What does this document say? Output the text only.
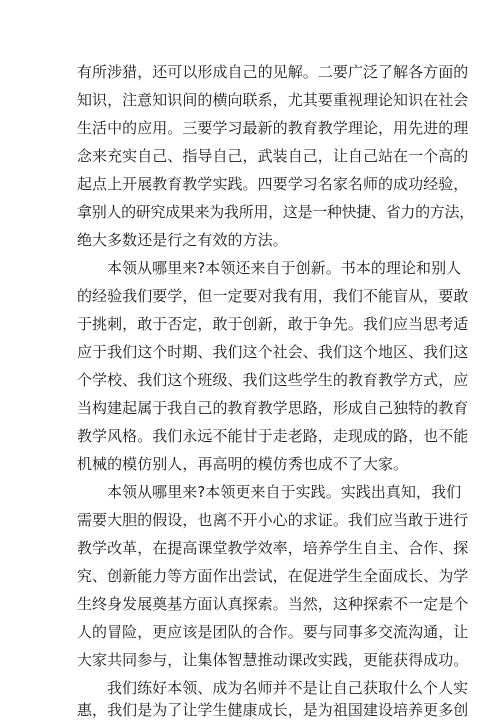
有所涉猎，还可以形成自己的见解。二要广泛了解各方面的
知识，注意知识间的横向联系，尤其要重视理论知识在社会
生活中的应用。三要学习最新的教育教学理论，用先进的理
念来充实自己、指导自己，武装自己，让自己站在一个高的
起点上开展教育教学实践。四要学习名家名师的成功经验，
拿别人的研究成果来为我所用，这是一种快捷、省力的方法，
绝大多数还是行之有效的方法。
本领从哪里来?本领还来自于创新。书本的理论和别人
的经验我们要学，但一定要对我有用，我们不能盲从，要敢
于挑刺，敢于否定，敢于创新，敢于争先。我们应当思考适
应于我们这个时期、我们这个社会、我们这个地区、我们这
个学校、我们这个班级、我们这些学生的教育教学方式，应
当构建起属于我自己的教育教学思路，形成自己独特的教育
教学风格。我们永远不能甘于走老路，走现成的路，也不能
机械的模仿别人，再高明的模仿秀也成不了大家。
本领从哪里来?本领更来自于实践。实践出真知，我们
需要大胆的假设，也离不开小心的求证。我们应当敢于进行
教学改革，在提高课堂教学效率，培养学生自主、合作、探
究、创新能力等方面作出尝试，在促进学生全面成长、为学
生终身发展奠基方面认真探索。当然，这种探索不一定是个
人的冒险，更应该是团队的合作。要与同事多交流沟通，让
大家共同参与，让集体智慧推动课改实践，更能获得成功。
我们练好本领、成为名师并不是让自己获取什么个人实
惠，我们是为了让学生健康成长，是为祖国建设培养更多创
